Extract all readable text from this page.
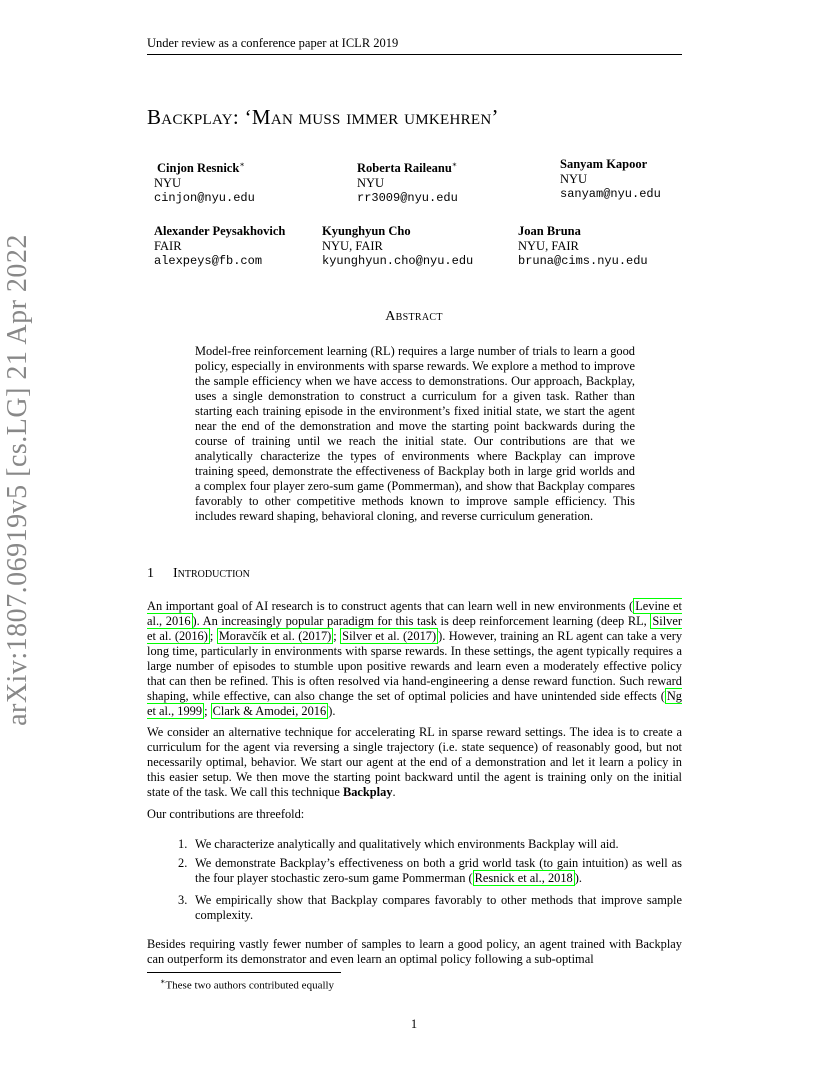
Under review as a conference paper at ICLR 2019
arXiv:1807.06919v5 [cs.LG] 21 Apr 2022
Backplay: ‘Man muss immer umkehren’
Cinjon Resnick∗
NYU
cinjon@nyu.edu
Roberta Raileanu∗
NYU
rr3009@nyu.edu
Sanyam Kapoor
NYU
sanyam@nyu.edu
Alexander Peysakhovich
FAIR
alexpeys@fb.com
Kyunghyun Cho
NYU, FAIR
kyunghyun.cho@nyu.edu
Joan Bruna
NYU, FAIR
bruna@cims.nyu.edu
Abstract
Model-free reinforcement learning (RL) requires a large number of trials to learn a good policy, especially in environments with sparse rewards. We explore a method to improve the sample efficiency when we have access to demonstrations. Our approach, Backplay, uses a single demonstration to construct a curriculum for a given task. Rather than starting each training episode in the environment’s fixed initial state, we start the agent near the end of the demonstration and move the starting point backwards during the course of training until we reach the initial state. Our contributions are that we analytically characterize the types of environments where Backplay can improve training speed, demonstrate the effectiveness of Backplay both in large grid worlds and a complex four player zero-sum game (Pommerman), and show that Backplay compares favorably to other competitive methods known to improve sample efficiency. This includes reward shaping, behavioral cloning, and reverse curriculum generation.
1 Introduction
An important goal of AI research is to construct agents that can learn well in new environments ( Levine et al., 2016 ). An increasingly popular paradigm for this task is deep reinforcement learning (deep RL, Silver et al. (2016) ; Moravčík et al. (2017) ; Silver et al. (2017) ). However, training an RL agent can take a very long time, particularly in environments with sparse rewards. In these settings, the agent typically requires a large number of episodes to stumble upon positive rewards and learn even a moderately effective policy that can then be refined. This is often resolved via hand-engineering a dense reward function. Such reward shaping, while effective, can also change the set of optimal policies and have unintended side effects ( Ng et al., 1999 ; Clark & Amodei, 2016 ).
We consider an alternative technique for accelerating RL in sparse reward settings. The idea is to create a curriculum for the agent via reversing a single trajectory (i.e. state sequence) of reasonably good, but not necessarily optimal, behavior. We start our agent at the end of a demonstration and let it learn a policy in this easier setup. We then move the starting point backward until the agent is training only on the initial state of the task. We call this technique Backplay.
Our contributions are threefold:
1. We characterize analytically and qualitatively which environments Backplay will aid.
2. We demonstrate Backplay’s effectiveness on both a grid world task (to gain intuition) as well as the four player stochastic zero-sum game Pommerman ( Resnick et al., 2018 ).
3. We empirically show that Backplay compares favorably to other methods that improve sample complexity.
Besides requiring vastly fewer number of samples to learn a good policy, an agent trained with Backplay can outperform its demonstrator and even learn an optimal policy following a sub-optimal
∗These two authors contributed equally
1
